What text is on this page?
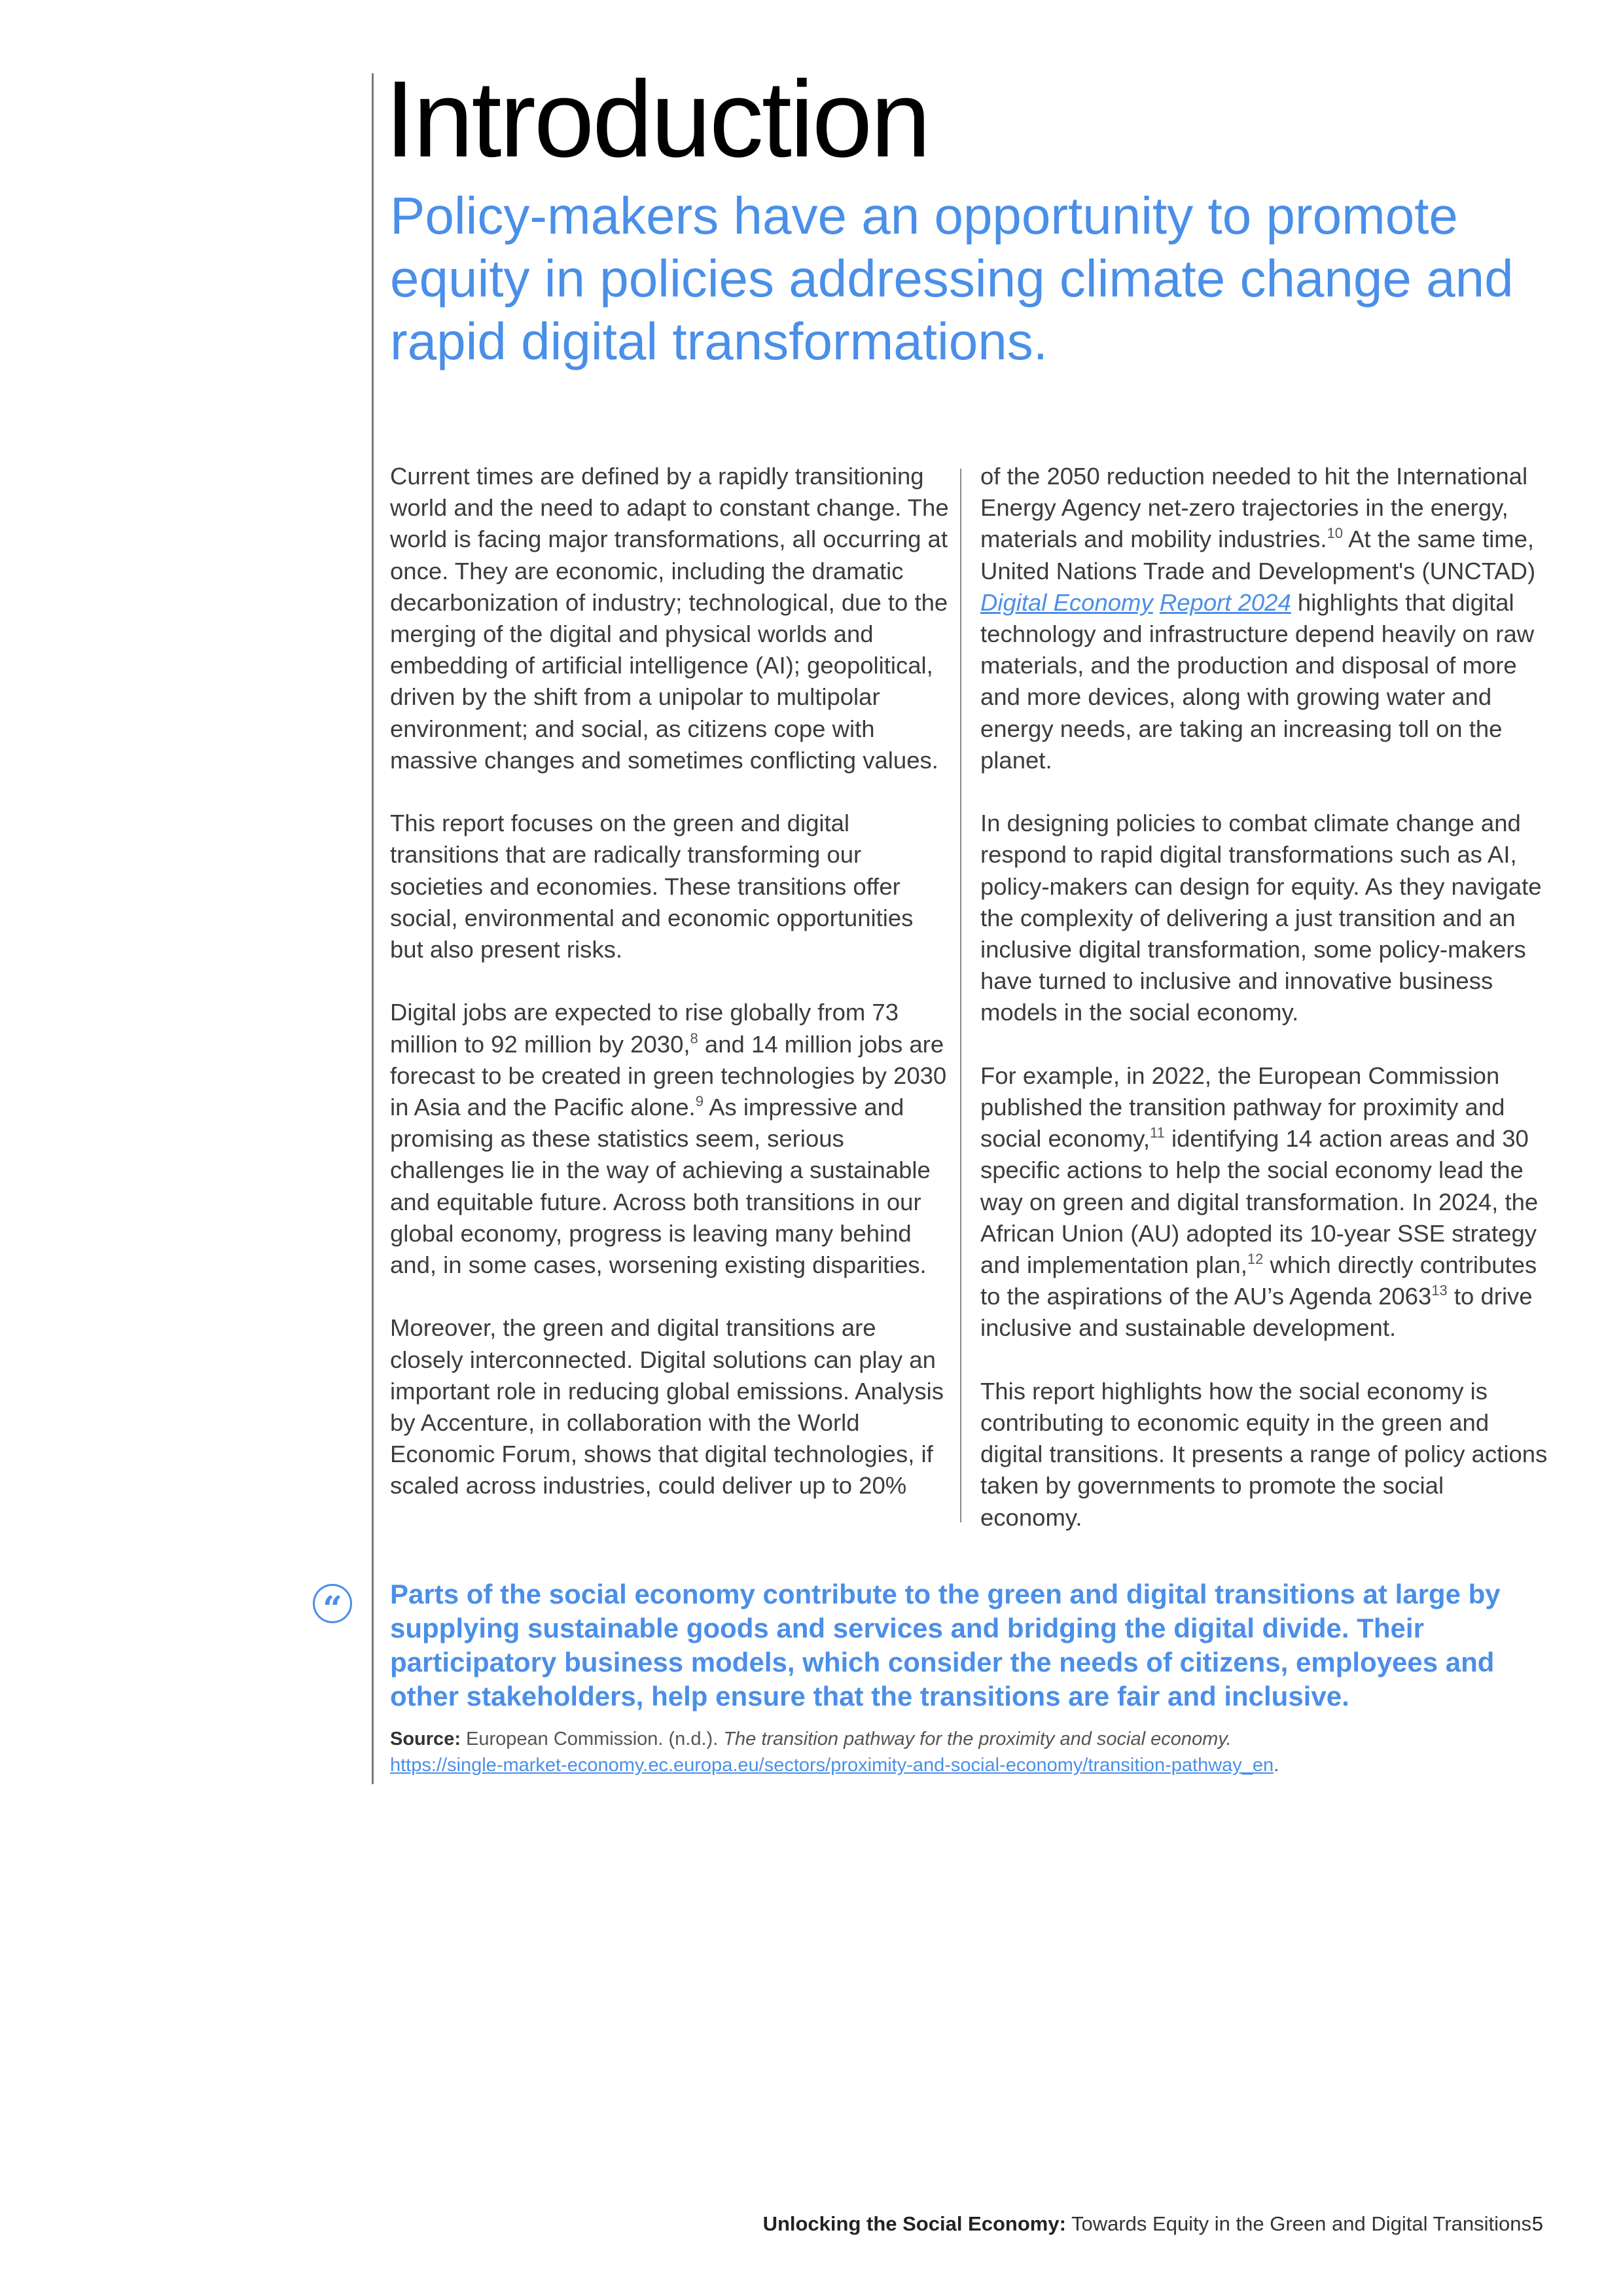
Introduction
Policy-makers have an opportunity to promote equity in policies addressing climate change and rapid digital transformations.

Current times are defined by a rapidly transitioning world and the need to adapt to constant change. The world is facing major transformations, all occurring at once. They are economic, including the dramatic decarbonization of industry; technological, due to the merging of the digital and physical worlds and embedding of artificial intelligence (AI); geopolitical, driven by the shift from a unipolar to multipolar environment; and social, as citizens cope with massive changes and sometimes conflicting values.

This report focuses on the green and digital transitions that are radically transforming our societies and economies. These transitions offer social, environmental and economic opportunities but also present risks.

Digital jobs are expected to rise globally from 73 million to 92 million by 2030,$^8$ and 14 million jobs are forecast to be created in green technologies by 2030 in Asia and the Pacific alone.$^9$ As impressive and promising as these statistics seem, serious challenges lie in the way of achieving a sustainable and equitable future. Across both transitions in our global economy, progress is leaving many behind and, in some cases, worsening existing disparities.

Moreover, the green and digital transitions are closely interconnected. Digital solutions can play an important role in reducing global emissions. Analysis by Accenture, in collaboration with the World Economic Forum, shows that digital technologies, if scaled across industries, could deliver up to 20%

of the 2050 reduction needed to hit the International Energy Agency net-zero trajectories in the energy, materials and mobility industries.$^{10}$ At the same time, United Nations Trade and Development's (UNCTAD) Digital Economy Report 2024 highlights that digital technology and infrastructure depend heavily on raw materials, and the production and disposal of more and more devices, along with growing water and energy needs, are taking an increasing toll on the planet.

In designing policies to combat climate change and respond to rapid digital transformations such as AI, policy-makers can design for equity. As they navigate the complexity of delivering a just transition and an inclusive digital transformation, some policy-makers have turned to inclusive and innovative business models in the social economy.

For example, in 2022, the European Commission published the transition pathway for proximity and social economy,$^{11}$ identifying 14 action areas and 30 specific actions to help the social economy lead the way on green and digital transformation. In 2024, the African Union (AU) adopted its 10-year SSE strategy and implementation plan,$^{12}$ which directly contributes to the aspirations of the AU’s Agenda 2063$^{13}$ to drive inclusive and sustainable development.

This report highlights how the social economy is contributing to economic equity in the green and digital transitions. It presents a range of policy actions taken by governments to promote the social economy.

“	Parts of the social economy contribute to the green and digital transitions at large by supplying sustainable goods and services and bridging the digital divide. Their participatory business models, which consider the needs of citizens, employees and other stakeholders, help ensure that the transitions are fair and inclusive.

Source: European Commission. (n.d.). The transition pathway for the proximity and social economy.
https://single-market-economy.ec.europa.eu/sectors/proximity-and-social-economy/transition-pathway_en.
Unlocking the Social Economy: Towards Equity in the Green and Digital Transitions 5
